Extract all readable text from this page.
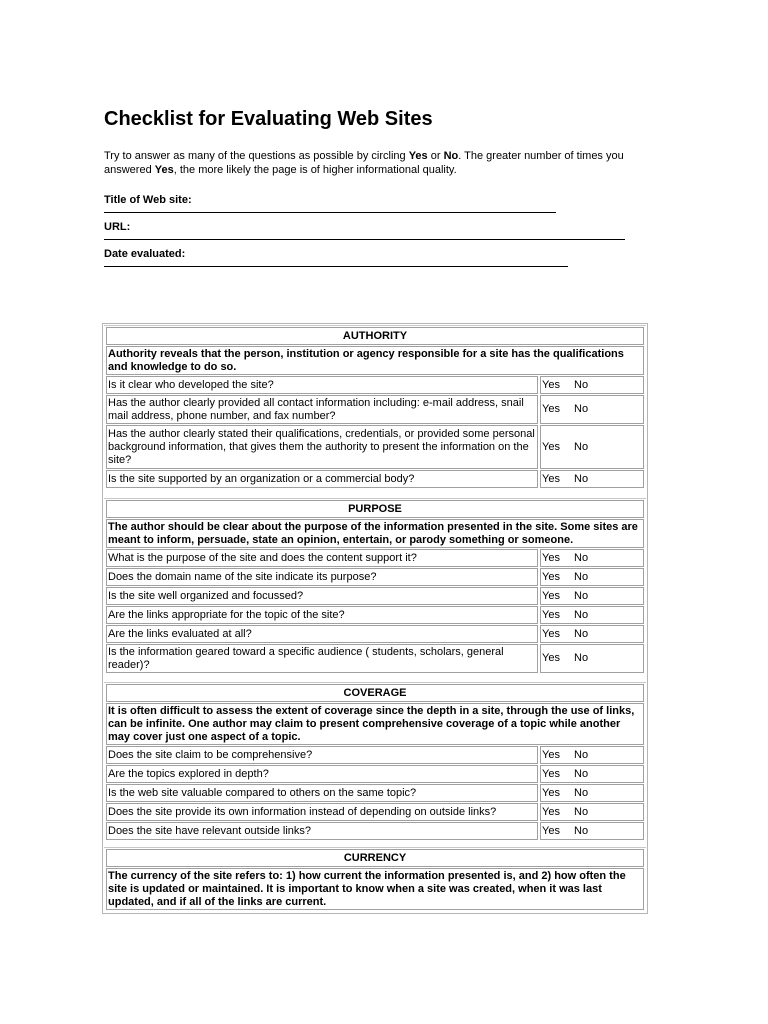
Checklist for Evaluating Web Sites
Try to answer as many of the questions as possible by circling Yes or No. The greater number of times you answered Yes, the more likely the page is of higher informational quality.
Title of Web site:
URL:
Date evaluated:
AUTHORITY	
Authority reveals that the person, institution or agency responsible for a site has the qualifications and knowledge to do so.	
Is it clear who developed the site?	Yes No
Has the author clearly provided all contact information including: e-mail address, snail mail address, phone number, and fax number?	Yes No
Has the author clearly stated their qualifications, credentials, or provided some personal background information, that gives them the authority to present the information on the site?	Yes No
Is the site supported by an organization or a commercial body?	Yes No
PURPOSE	
The author should be clear about the purpose of the information presented in the site. Some sites are meant to inform, persuade, state an opinion, entertain, or parody something or someone.	
What is the purpose of the site and does the content support it?	Yes No
Does the domain name of the site indicate its purpose?	Yes No
Is the site well organized and focussed?	Yes No
Are the links appropriate for the topic of the site?	Yes No
Are the links evaluated at all?	Yes No
Is the information geared toward a specific audience ( students, scholars, general reader)?	Yes No
COVERAGE	
It is often difficult to assess the extent of coverage since the depth in a site, through the use of links, can be infinite. One author may claim to present comprehensive coverage of a topic while another may cover just one aspect of a topic.	
Does the site claim to be comprehensive?	Yes No
Are the topics explored in depth?	Yes No
Is the web site valuable compared to others on the same topic?	Yes No
Does the site provide its own information instead of depending on outside links?	Yes No
Does the site have relevant outside links?	Yes No
CURRENCY
The currency of the site refers to: 1) how current the information presented is, and 2) how often the site is updated or maintained. It is important to know when a site was created, when it was last updated, and if all of the links are current.
